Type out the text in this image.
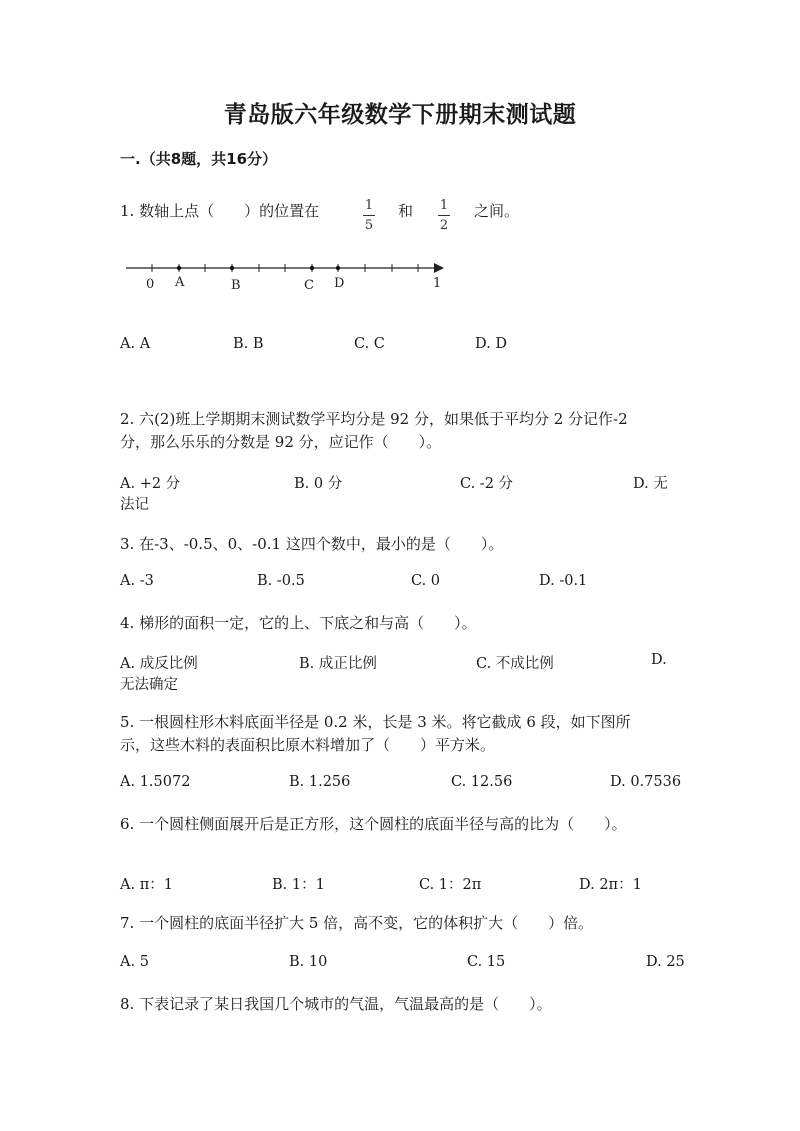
青岛版六年级数学下册期末测试题
一.（共8题，共16分）
1. 数轴上点（　　）的位置在	1
5
和 1
2
之间。
0 A	B	C D	1
A. A	B. B	C. C	D. D
2. 六(2)班上学期期末测试数学平均分是 92 分，如果低于平均分 2 分记作-2
分，那么乐乐的分数是 92 分，应记作（　　）。
A. +2 分	B. 0 分	C. -2 分	D. 无
法记
3. 在-3、-0.5、0、-0.1 这四个数中，最小的是（　　）。
A. -3	B. -0.5	C. 0	D. -0.1
4. 梯形的面积一定，它的上、下底之和与高（　　）。
A. 成反比例	B. 成正比例	C. 不成比例	D.
无法确定
5. 一根圆柱形木料底面半径是 0.2 米，长是 3 米。将它截成 6 段，如下图所
示，这些木料的表面积比原木料增加了（　　）平方米。
A. 1.5072	B. 1.256	C. 12.56	D. 0.7536
6. 一个圆柱侧面展开后是正方形，这个圆柱的底面半径与高的比为（　　）。
A. π：1	B. 1：1	C. 1：2π	D. 2π：1
7. 一个圆柱的底面半径扩大 5 倍，高不变，它的体积扩大（　　）倍。
A. 5	B. 10	C. 15	D. 25
8. 下表记录了某日我国几个城市的气温，气温最高的是（　　）。
